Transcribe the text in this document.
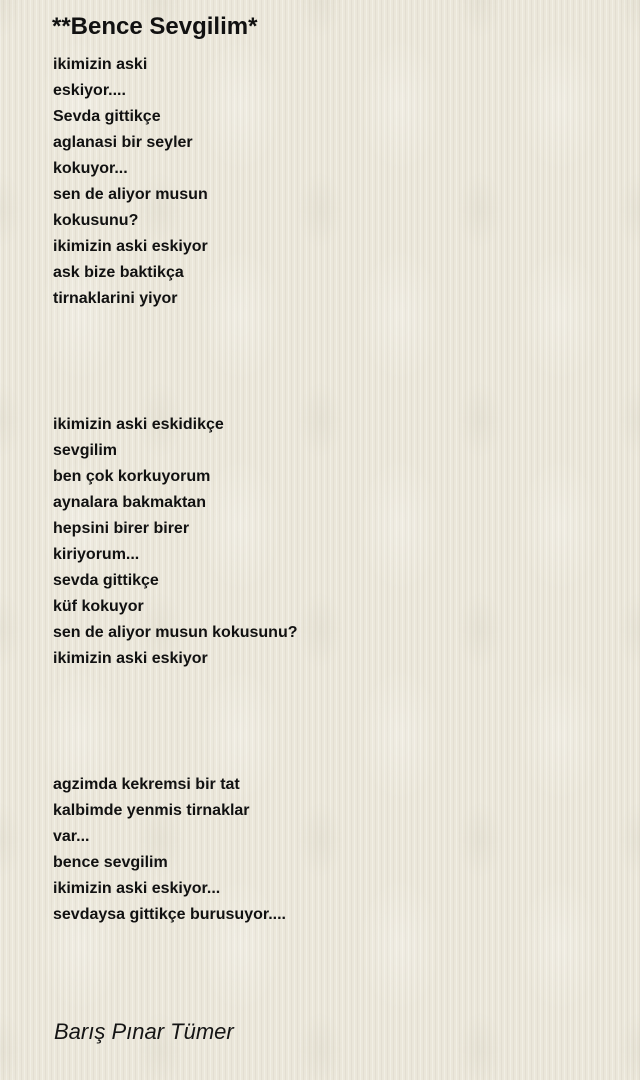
**Bence Sevgilim*
ikimizin aski
eskiyor....
Sevda gittikçe
aglanasi bir seyler
kokuyor...
sen de aliyor musun
kokusunu?
ikimizin aski eskiyor
ask bize baktikça
tirnaklarini yiyor
ikimizin aski eskidikçe
sevgilim
ben çok korkuyorum
aynalara bakmaktan
hepsini birer birer
kiriyorum...
sevda gittikçe
küf kokuyor
sen de aliyor musun kokusunu?
ikimizin aski eskiyor
agzimda kekremsi bir tat
kalbimde yenmis tirnaklar
var...
bence sevgilim
ikimizin aski eskiyor...
sevdaysa gittikçe burusuyor....

Barış Pınar Tümer
